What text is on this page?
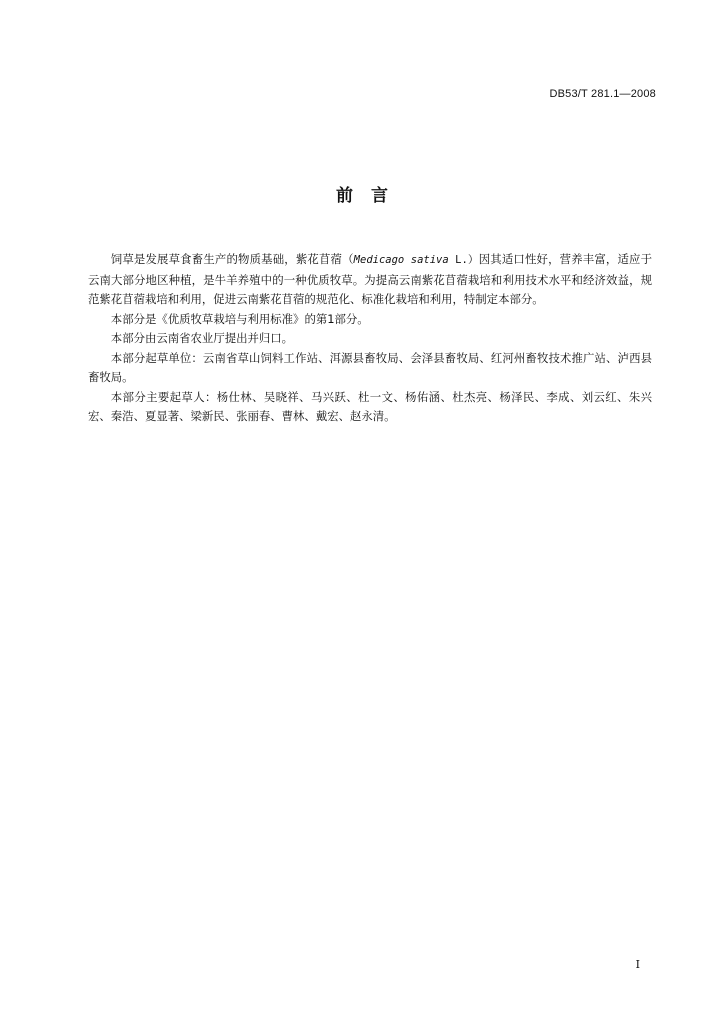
DB53/T 281.1—2008
前言

饲草是发展草食畜生产的物质基础，紫花苜蓿（Medicago sativa L.）因其适口性好，营养丰富，适应于云南大部分地区种植，是牛羊养殖中的一种优质牧草。为提高云南紫花苜蓿栽培和利用技术水平和经济效益，规范紫花苜蓿栽培和利用，促进云南紫花苜蓿的规范化、标准化栽培和利用，特制定本部分。

本部分是《优质牧草栽培与利用标准》的第1部分。

本部分由云南省农业厅提出并归口。

本部分起草单位：云南省草山饲料工作站、洱源县畜牧局、会泽县畜牧局、红河州畜牧技术推广站、泸西县畜牧局。

本部分主要起草人：杨仕林、吴晓祥、马兴跃、杜一文、杨佑涵、杜杰亮、杨泽民、李成、刘云红、朱兴宏、秦浩、夏显著、梁新民、张丽春、曹林、戴宏、赵永清。

I
